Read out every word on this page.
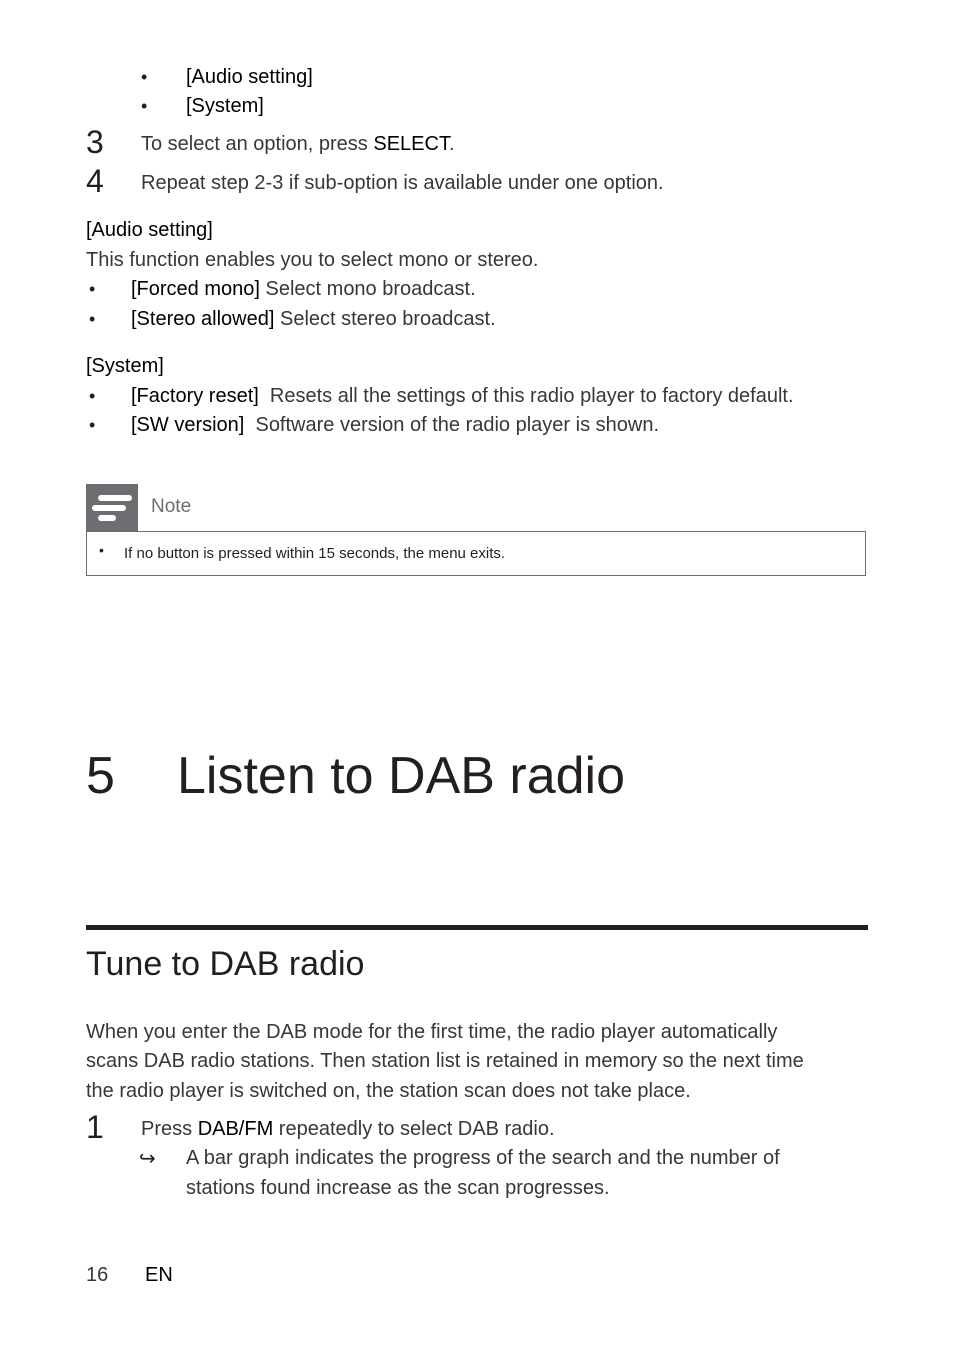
• [Audio setting]
• [System]
3 To select an option, press SELECT.
4 Repeat step 2-3 if sub-option is available under one option.
[Audio setting]
This function enables you to select mono or stereo.
• [Forced mono] Select mono broadcast.
• [Stereo allowed] Select stereo broadcast.
[System]
• [Factory reset]  Resets all the settings of this radio player to factory default.
• [SW version]  Software version of the radio player is shown.
Note
• If no button is pressed within 15 seconds, the menu exits.
5 Listen to DAB radio
Tune to DAB radio
When you enter the DAB mode for the first time, the radio player automatically
scans DAB radio stations. Then station list is retained in memory so the next time
the radio player is switched on, the station scan does not take place.
1 Press DAB/FM repeatedly to select DAB radio.
↪ A bar graph indicates the progress of the search and the number of
stations found increase as the scan progresses.
16 EN
